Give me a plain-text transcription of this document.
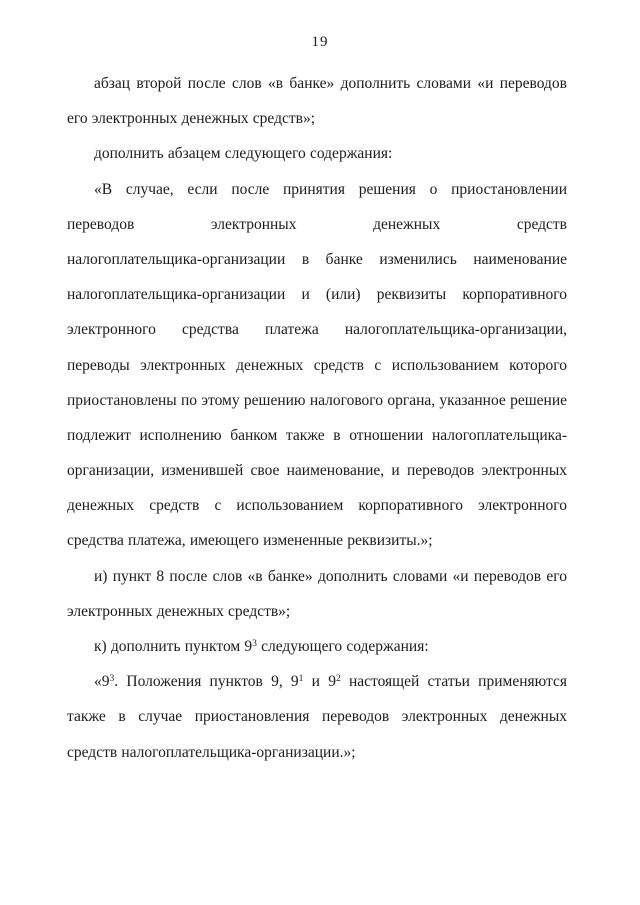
19
абзац второй после слов «в банке» дополнить словами «и переводов
его электронных денежных средств»;
дополнить абзацем следующего содержания:
«В случае, если после принятия решения о приостановлении
переводов электронных денежных средств
налогоплательщика-организации в банке изменились наименование
налогоплательщика-организации и (или) реквизиты корпоративного
электронного средства платежа налогоплательщика-организации,
переводы электронных денежных средств с использованием которого
приостановлены по этому решению налогового органа, указанное решение
подлежит исполнению банком также в отношении налогоплательщика-
организации, изменившей свое наименование, и переводов электронных
денежных средств с использованием корпоративного электронного
средства платежа, имеющего измененные реквизиты.»;
и) пункт 8 после слов «в банке» дополнить словами «и переводов его
электронных денежных средств»;
к) дополнить пунктом $9^3$ следующего содержания:
«$9^3$. Положения пунктов 9, $9^1$ и $9^2$ настоящей статьи применяются
также в случае приостановления переводов электронных денежных
средств налогоплательщика-организации.»;
